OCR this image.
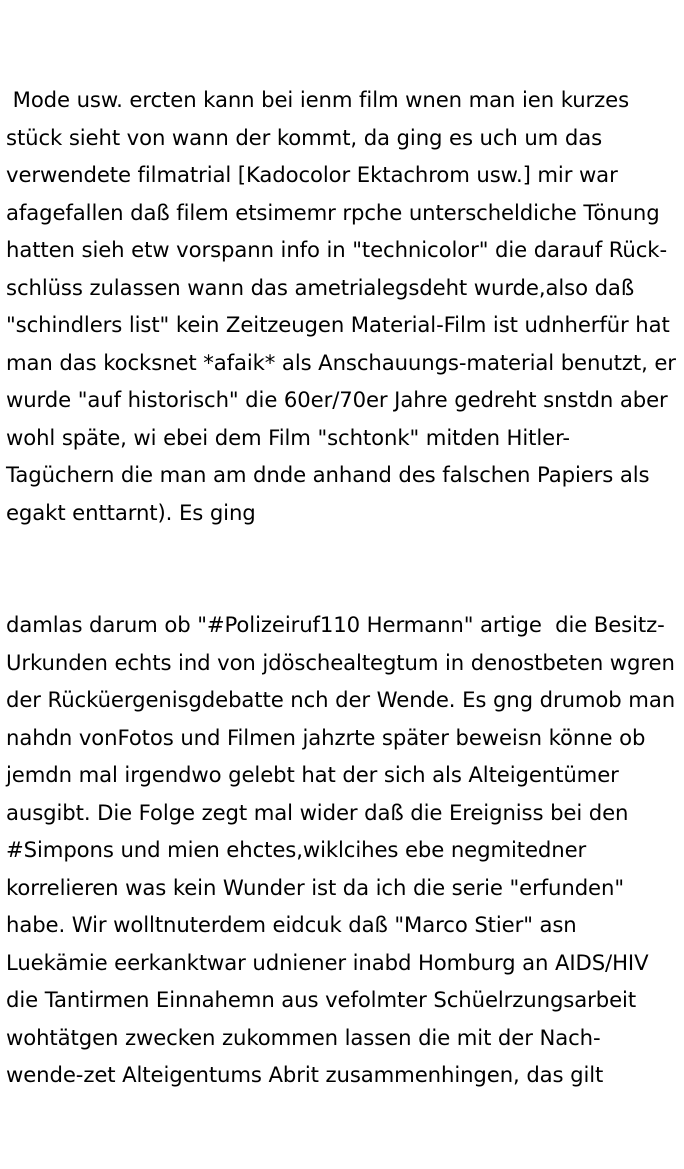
Mode usw. ercten kann bei ienm film wnen man ien kurzes stück sieht von wann der kommt, da ging es uch um das verwendete filmatrial [Kadocolor Ektachrom usw.] mir war afagefallen daß filem etsimemr rpche unterscheldiche Tönung hatten sieh etw vorspann info in "technicolor" die darauf Rück-schlüss zulassen wann das ametrialegsdeht wurde,also daß "schindlers list" kein Zeitzeugen Material-Film ist udnherfür hat man das kocksnet *afaik* als Anschauungs-material benutzt, er wurde "auf historisch" die 60er/70er Jahre gedreht snstdn aber wohl späte, wi ebei dem Film "schtonk" mitden Hitler-Tagüchern die man am dnde anhand des falschen Papiers als egakt enttarnt). Es ging

damlas darum ob "#Polizeiruf110 Hermann" artige  die Besitz-Urkunden echts ind von jdöschealtegtum in denostbeten wgren der Rücküergenisgdebatte nch der Wende. Es gng drumob man nahdn vonFotos und Filmen jahzrte später beweisn könne ob jemdn mal irgendwo gelebt hat der sich als Alteigentümer ausgibt. Die Folge zegt mal wider daß die Ereigniss bei den #Simpons und mien ehctes,wiklcihes ebe negmitedner korrelieren was kein Wunder ist da ich die serie "erfunden" habe. Wir wolltnuterdem eidcuk daß "Marco Stier" asn Luekämie eerkanktwar udniener inabd Homburg an AIDS/HIV die Tantirmen Einnahemn aus vefolmter Schüelrzungsarbeit wohtätgen zwecken zukommen lassen die mit der Nach-wende-zet Alteigentums Abrit zusammenhingen, das gilt
